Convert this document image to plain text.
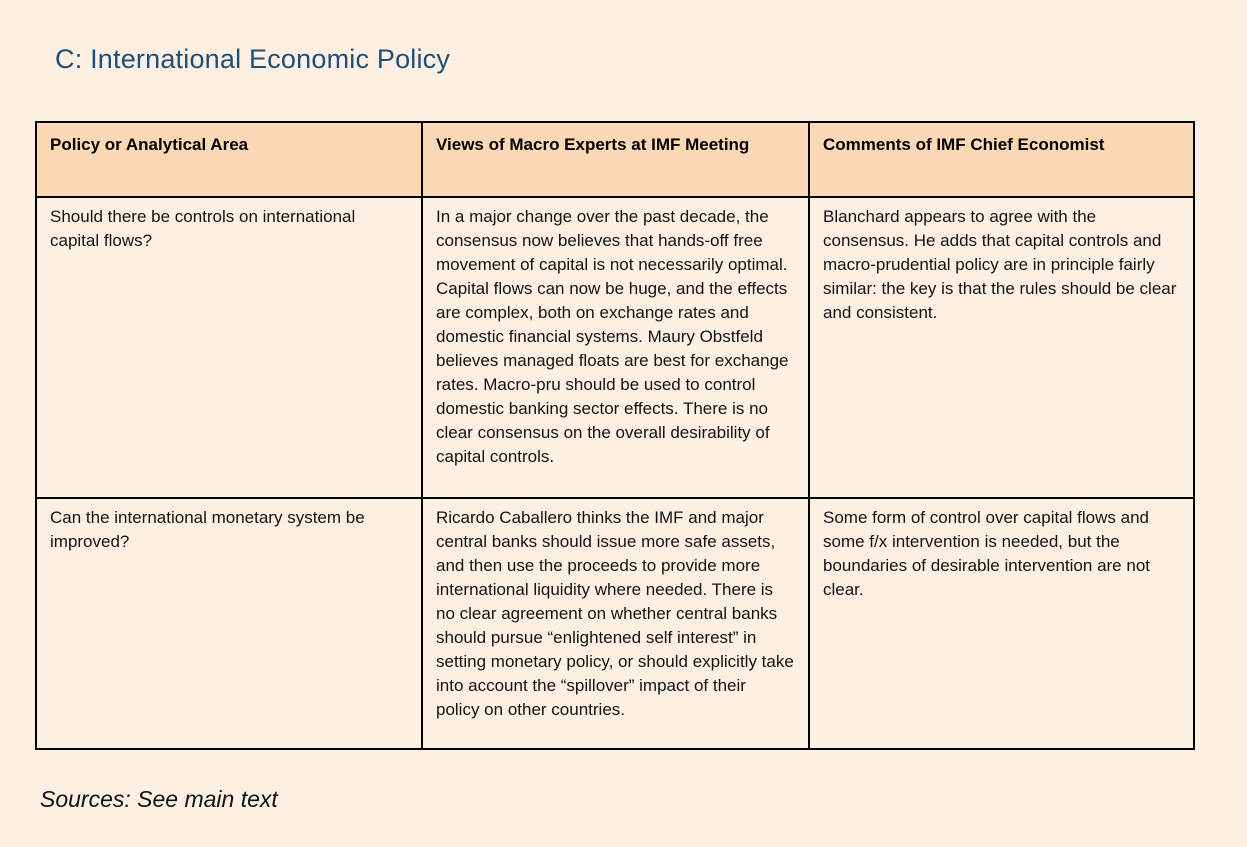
C: International Economic Policy
Policy or Analytical Area	Views of Macro Experts at IMF Meeting	Comments of IMF Chief Economist
Should there be controls on international capital flows?	In a major change over the past decade, the consensus now believes that hands-off free movement of capital is not necessarily optimal. Capital flows can now be huge, and the effects are complex, both on exchange rates and domestic financial systems. Maury Obstfeld believes managed floats are best for exchange rates. Macro-pru should be used to control domestic banking sector effects. There is no clear consensus on the overall desirability of capital controls.	Blanchard appears to agree with the consensus. He adds that capital controls and macro-prudential policy are in principle fairly similar: the key is that the rules should be clear and consistent.
Can the international monetary system be improved?	Ricardo Caballero thinks the IMF and major central banks should issue more safe assets, and then use the proceeds to provide more international liquidity where needed. There is no clear agreement on whether central banks should pursue “enlightened self interest” in setting monetary policy, or should explicitly take into account the “spillover” impact of their policy on other countries.	Some form of control over capital flows and some f/x intervention is needed, but the boundaries of desirable intervention are not clear.

Sources: See main text
